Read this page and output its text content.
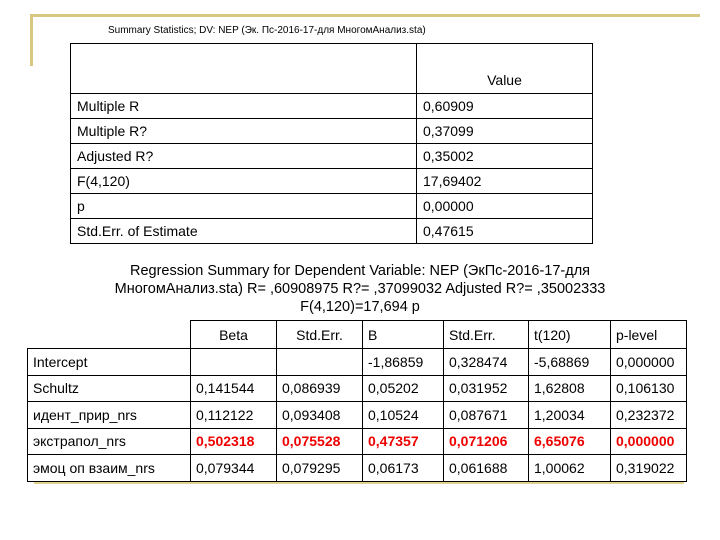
Summary Statistics; DV: NEP (Эк. Пс-2016-17-для МногомАнализ.sta)
	Value
Multiple R	0,60909
Multiple R?	0,37099
Adjusted R?	0,35002
F(4,120)	17,69402
p	0,00000
Std.Err. of Estimate	0,47615
Regression Summary for Dependent Variable: NEP (ЭкПс-2016-17-для
МногомАнализ.sta) R= ,60908975 R?= ,37099032 Adjusted R?= ,35002333
F(4,120)=17,694 p
	Beta	Std.Err.	B	Std.Err.	t(120)	p-level
Intercept			-1,86859	0,328474	-5,68869	0,000000
Schultz	0,141544	0,086939	0,05202	0,031952	1,62808	0,106130
идент_прир_nrs	0,112122	0,093408	0,10524	0,087671	1,20034	0,232372
экстрапол_nrs	0,502318	0,075528	0,47357	0,071206	6,65076	0,000000
эмоц оп взаим_nrs	0,079344	0,079295	0,06173	0,061688	1,00062	0,319022
